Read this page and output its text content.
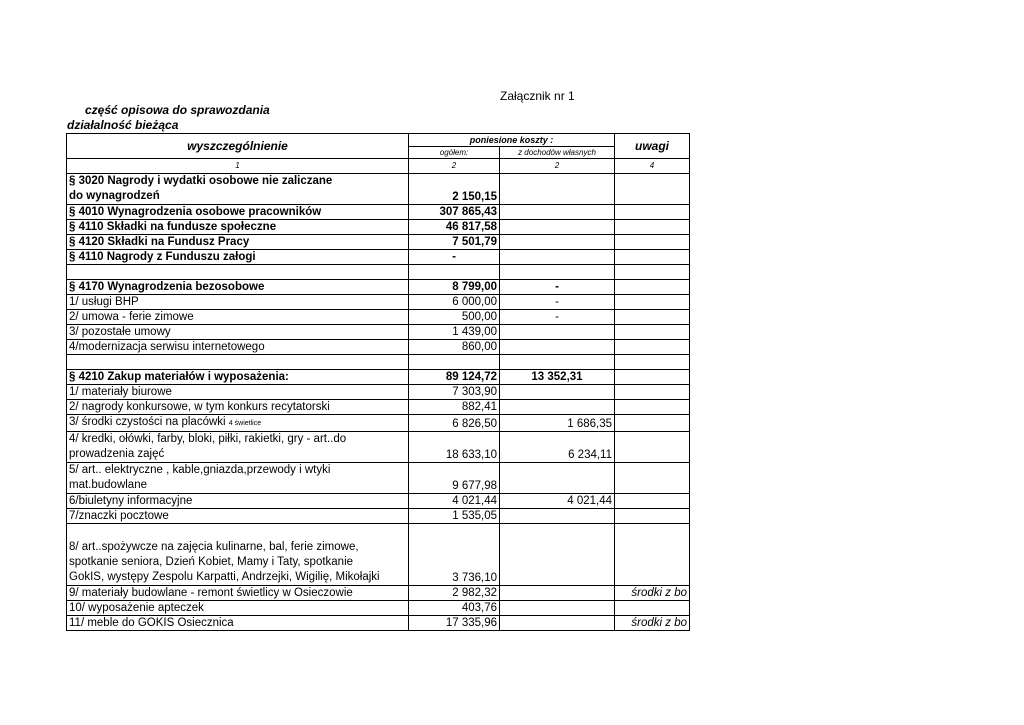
Załącznik nr 1
część opisowa do sprawozdania
działalność bieżąca
wyszczególnienie	poniesione koszty :		uwagi
	ogółem:	z dochodów własnych	
1	2	2	4
§ 3020 Nagrody i wydatki osobowe nie zaliczane
do wynagrodzeń	2 150,15		
§ 4010 Wynagrodzenia osobowe pracowników	307 865,43		
§ 4110 Składki na fundusze społeczne	46 817,58		
§ 4120 Składki na Fundusz Pracy	7 501,79		
§ 4110 Nagrody z Funduszu załogi	-		

§ 4170 Wynagrodzenia bezosobowe	8 799,00	-	
1/ usługi BHP	6 000,00	-	
2/ umowa - ferie zimowe	500,00	-	
3/ pozostałe umowy	1 439,00		
4/modernizacja serwisu internetowego	860,00		

§ 4210 Zakup materiałów i wyposażenia:	89 124,72	13 352,31	
1/ materiały biurowe	7 303,90		
2/ nagrody konkursowe, w tym konkurs recytatorski	882,41		
3/ środki czystości na placówki 4 świetlice	6 826,50	1 686,35	
4/ kredki, ołówki, farby, bloki, piłki, rakietki, gry - art..do
prowadzenia zajęć	18 633,10	6 234,11	
5/ art.. elektryczne , kable,gniazda,przewody i wtyki
mat.budowlane	9 677,98		
6/biuletyny informacyjne	4 021,44	4 021,44	
7/znaczki pocztowe	1 535,05		
8/ art..spożywcze na zajęcia kulinarne, bal, ferie zimowe,
spotkanie seniora, Dzień Kobiet, Mamy i Taty, spotkanie
GokIS, występy Zespolu Karpatti, Andrzejki, Wigilię, Mikołajki	3 736,10		
9/ materiały budowlane - remont świetlicy w Osieczowie	2 982,32		środki z bo
10/ wyposażenie apteczek	403,76		
11/ meble do GOKIS Osiecznica	17 335,96		środki z bo
